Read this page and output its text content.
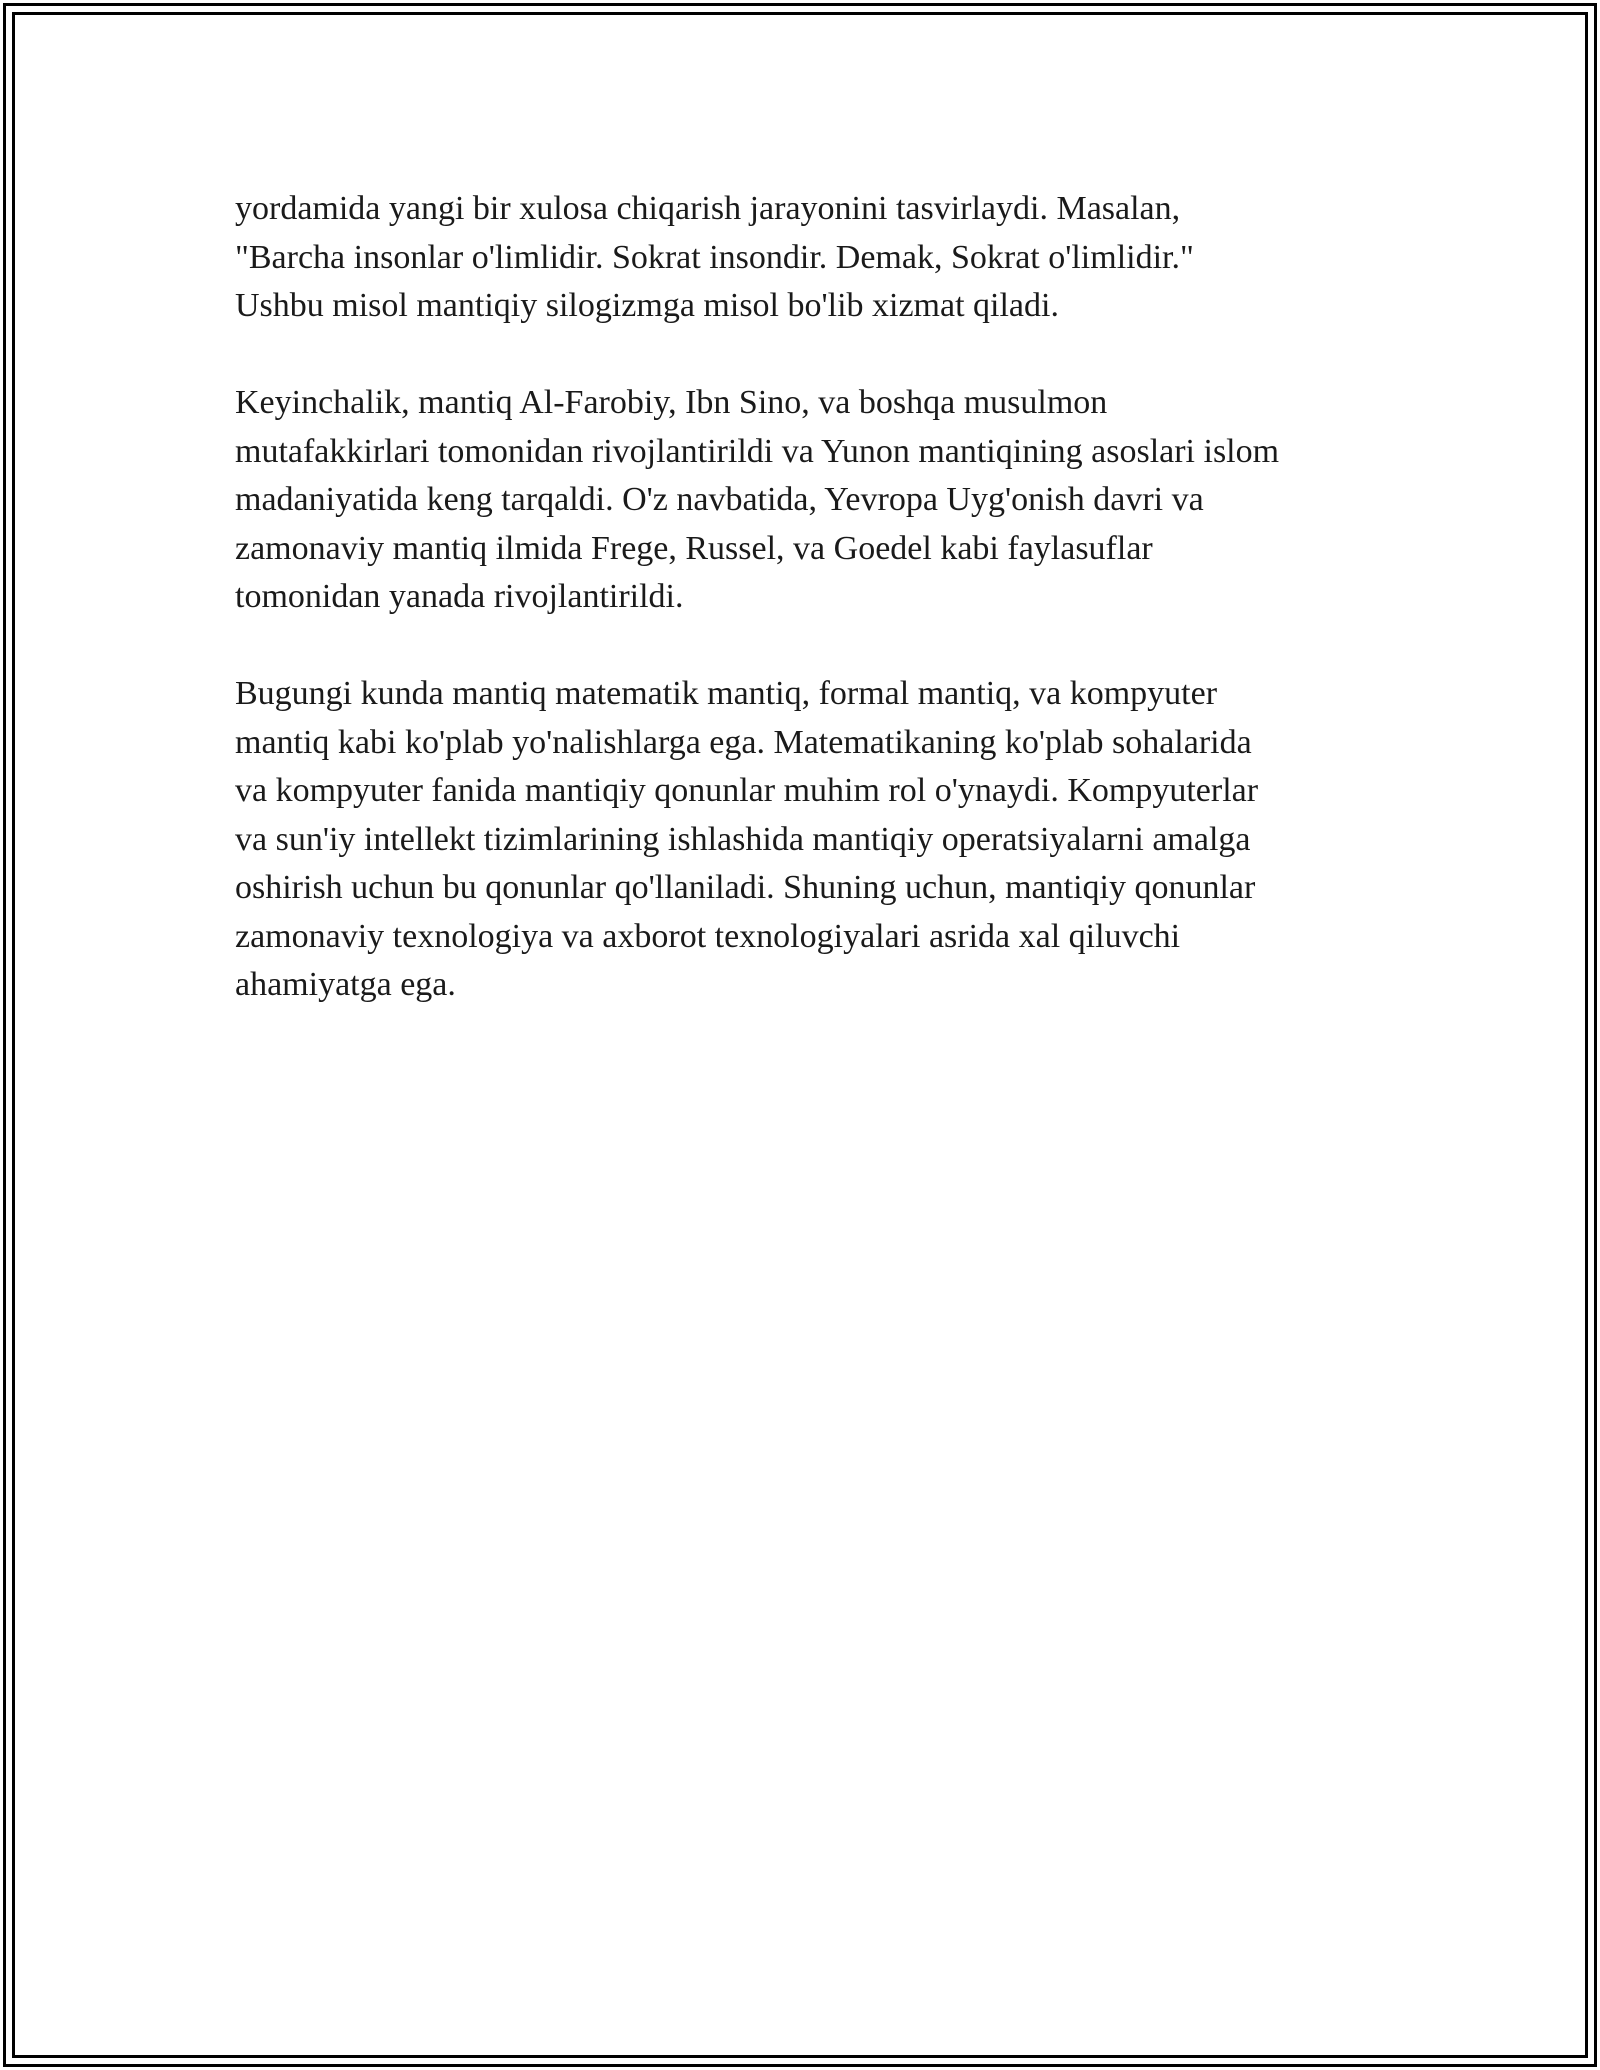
yordamida yangi bir xulosa chiqarish jarayonini tasvirlaydi. Masalan,
"Barcha insonlar o'limlidir. Sokrat insondir. Demak, Sokrat o'limlidir."
Ushbu misol mantiqiy silogizmga misol bo'lib xizmat qiladi.

Keyinchalik, mantiq Al-Farobiy, Ibn Sino, va boshqa musulmon
mutafakkirlari tomonidan rivojlantirildi va Yunon mantiqining asoslari islom
madaniyatida keng tarqaldi. O'z navbatida, Yevropa Uyg'onish davri va
zamonaviy mantiq ilmida Frege, Russel, va Goedel kabi faylasuflar
tomonidan yanada rivojlantirildi.

Bugungi kunda mantiq matematik mantiq, formal mantiq, va kompyuter
mantiq kabi ko'plab yo'nalishlarga ega. Matematikaning ko'plab sohalarida
va kompyuter fanida mantiqiy qonunlar muhim rol o'ynaydi. Kompyuterlar
va sun'iy intellekt tizimlarining ishlashida mantiqiy operatsiyalarni amalga
oshirish uchun bu qonunlar qo'llaniladi. Shuning uchun, mantiqiy qonunlar
zamonaviy texnologiya va axborot texnologiyalari asrida xal qiluvchi
ahamiyatga ega.
